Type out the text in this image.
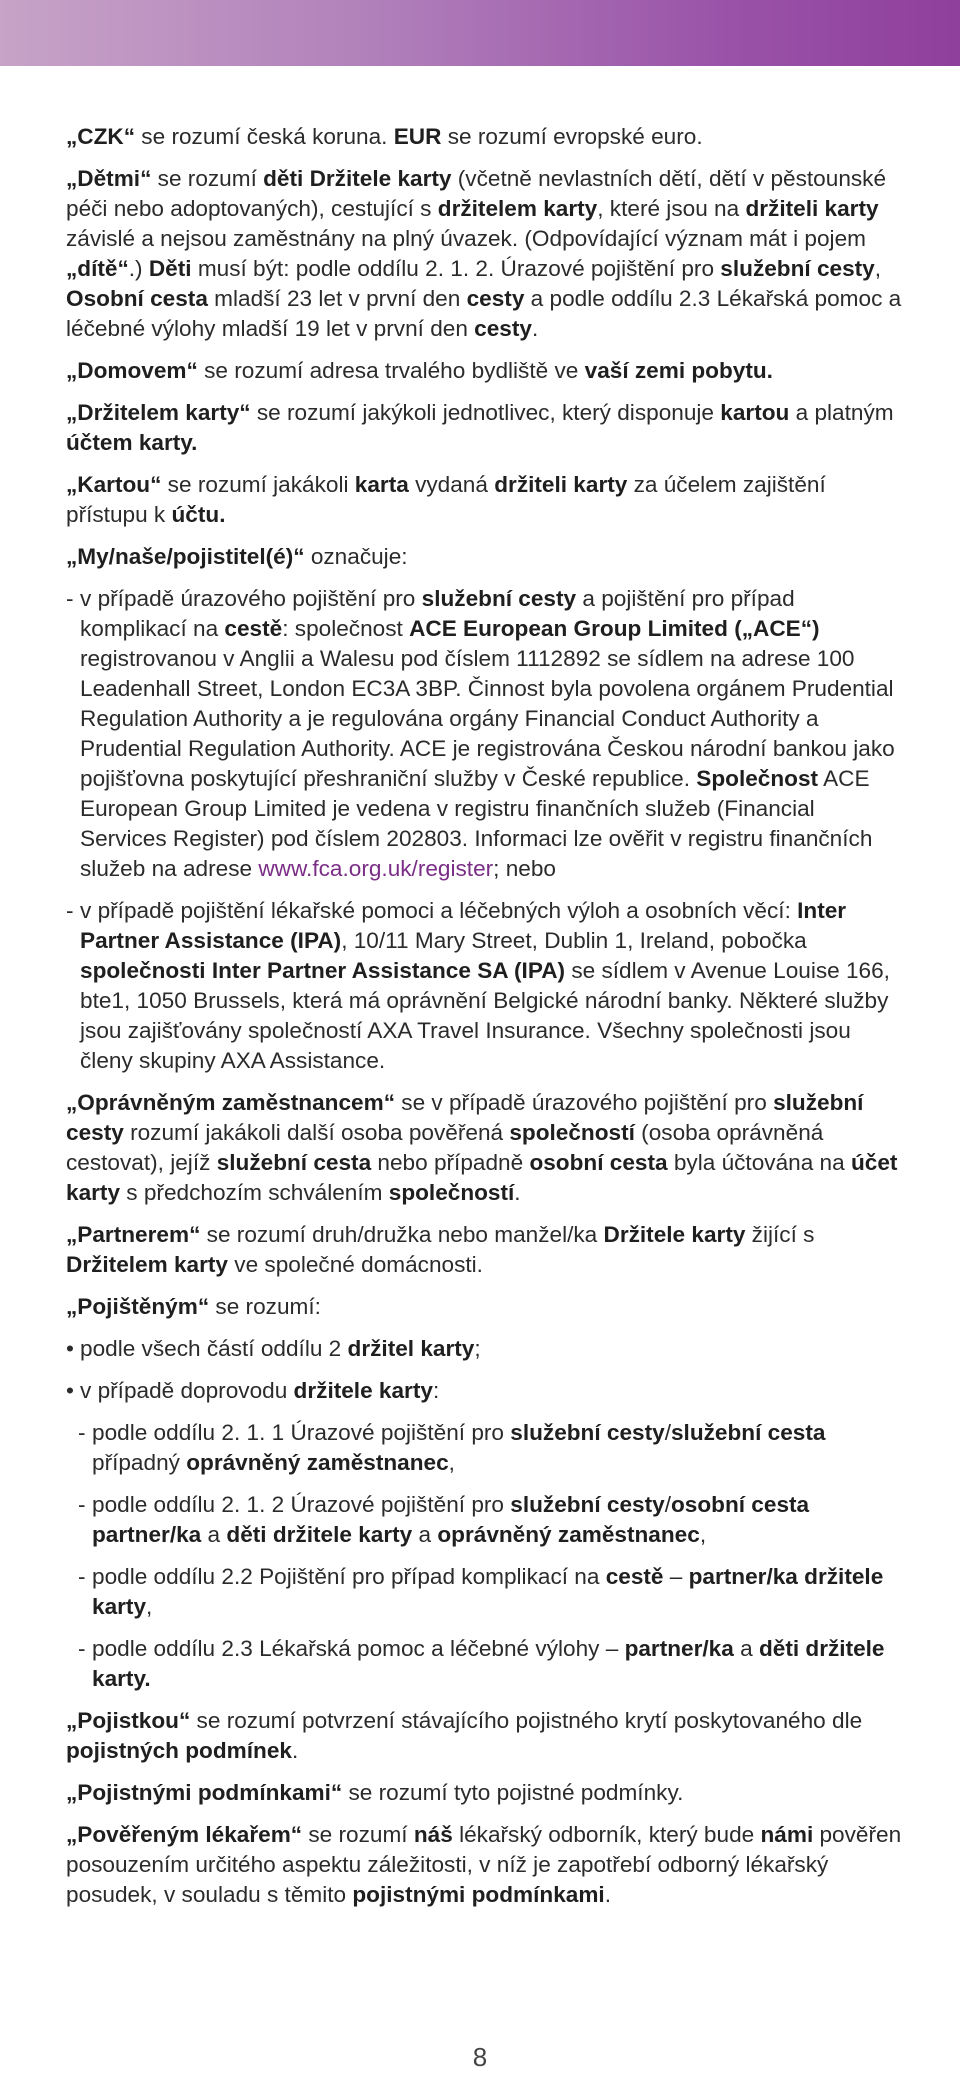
„CZK“ se rozumí česká koruna. EUR se rozumí evropské euro.

„Dětmi“ se rozumí děti Držitele karty (včetně nevlastních dětí, dětí v pěstounské péči nebo adoptovaných), cestující s držitelem karty, které jsou na držiteli karty závislé a nejsou zaměstnány na plný úvazek. (Odpovídající význam mát i pojem „dítě“.) Děti musí být: podle oddílu 2. 1. 2. Úrazové pojištění pro služební cesty, Osobní cesta mladší 23 let v první den cesty a podle oddílu 2.3 Lékařská pomoc a léčebné výlohy mladší 19 let v první den cesty.

„Domovem“ se rozumí adresa trvalého bydliště ve vaší zemi pobytu.

„Držitelem karty“ se rozumí jakýkoli jednotlivec, který disponuje kartou a platným účtem karty.

„Kartou“ se rozumí jakákoli karta vydaná držiteli karty za účelem zajištění přístupu k účtu.

„My/naše/pojistitel(é)“ označuje:

- v případě úrazového pojištění pro služební cesty a pojištění pro případ komplikací na cestě: společnost ACE European Group Limited („ACE“) registrovanou v Anglii a Walesu pod číslem 1112892 se sídlem na adrese 100 Leadenhall Street, London EC3A 3BP. Činnost byla povolena orgánem Prudential Regulation Authority a je regulována orgány Financial Conduct Authority a Prudential Regulation Authority. ACE je registrována Českou národní bankou jako pojišťovna poskytující přeshraniční služby v České republice. Společnost ACE European Group Limited je vedena v registru finančních služeb (Financial Services Register) pod číslem 202803. Informaci lze ověřit v registru finančních služeb na adrese www.fca.org.uk/register; nebo
- v případě pojištění lékařské pomoci a léčebných výloh a osobních věcí: Inter Partner Assistance (IPA), 10/11 Mary Street, Dublin 1, Ireland, pobočka společnosti Inter Partner Assistance SA (IPA) se sídlem v Avenue Louise 166, bte1, 1050 Brussels, která má oprávnění Belgické národní banky. Některé služby jsou zajišťovány společností AXA Travel Insurance. Všechny společnosti jsou členy skupiny AXA Assistance.

„Oprávněným zaměstnancem“ se v případě úrazového pojištění pro služební cesty rozumí jakákoli další osoba pověřená společností (osoba oprávněná cestovat), jejíž služební cesta nebo případně osobní cesta byla účtována na účet karty s předchozím schválením společností.

„Partnerem“ se rozumí druh/družka nebo manžel/ka Držitele karty žijící s Držitelem karty ve společné domácnosti.

„Pojištěným“ se rozumí:

• podle všech částí oddílu 2 držitel karty;
• v případě doprovodu držitele karty:
- podle oddílu 2. 1. 1 Úrazové pojištění pro služební cesty/služební cesta případný oprávněný zaměstnanec,
- podle oddílu 2. 1. 2 Úrazové pojištění pro služební cesty/osobní cesta partner/ka a děti držitele karty a oprávněný zaměstnanec,
- podle oddílu 2.2 Pojištění pro případ komplikací na cestě – partner/ka držitele karty,
- podle oddílu 2.3 Lékařská pomoc a léčebné výlohy – partner/ka a děti držitele karty.

„Pojistkou“ se rozumí potvrzení stávajícího pojistného krytí poskytovaného dle pojistných podmínek.

„Pojistnými podmínkami“ se rozumí tyto pojistné podmínky.

„Pověřeným lékařem“ se rozumí náš lékařský odborník, který bude námi pověřen posouzením určitého aspektu záležitosti, v níž je zapotřebí odborný lékařský posudek, v souladu s těmito pojistnými podmínkami.

8
